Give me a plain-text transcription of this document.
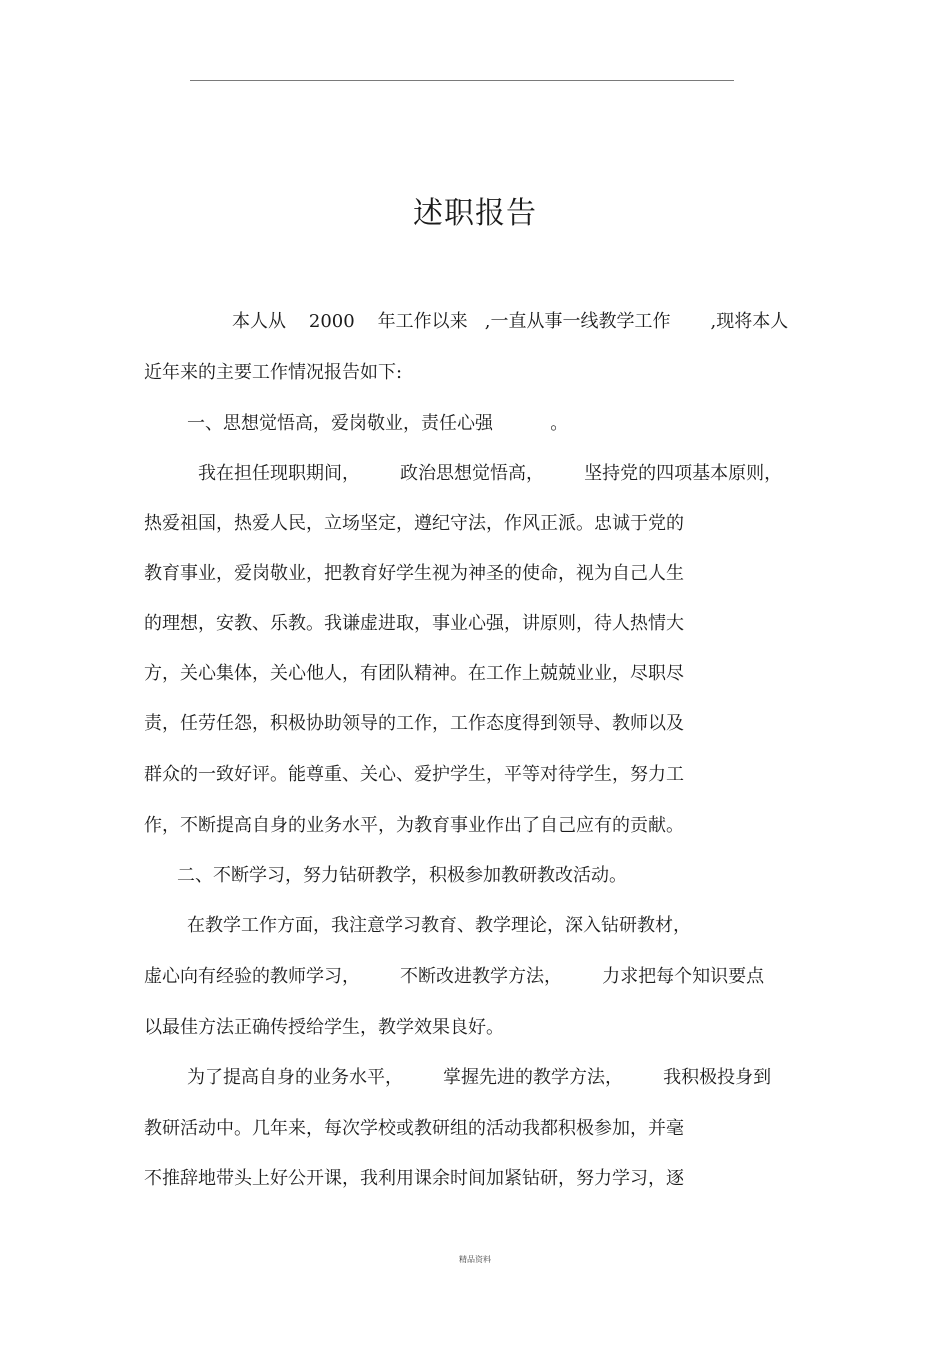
述职报告
本人从    2000    年工作以来   ,一直从事一线教学工作       ,现将本人
近年来的主要工作情况报告如下:
一、思想觉悟高，爱岗敬业，责任心强          。
我在担任现职期间，       政治思想觉悟高，       坚持党的四项基本原则，
热爱祖国，热爱人民，立场坚定，遵纪守法，作风正派。忠诚于党的
教育事业，爱岗敬业，把教育好学生视为神圣的使命，视为自己人生
的理想，安教、乐教。我谦虚进取，事业心强，讲原则，待人热情大
方，关心集体，关心他人，有团队精神。在工作上兢兢业业，尽职尽
责，任劳任怨，积极协助领导的工作，工作态度得到领导、教师以及
群众的一致好评。能尊重、关心、爱护学生，平等对待学生，努力工
作，不断提高自身的业务水平，为教育事业作出了自己应有的贡献。
二、不断学习，努力钻研教学，积极参加教研教改活动。
在教学工作方面，我注意学习教育、教学理论，深入钻研教材，
虚心向有经验的教师学习，       不断改进教学方法，       力求把每个知识要点
以最佳方法正确传授给学生，教学效果良好。
为了提高自身的业务水平，       掌握先进的教学方法，       我积极投身到
教研活动中。几年来，每次学校或教研组的活动我都积极参加，并毫
不推辞地带头上好公开课，我利用课余时间加紧钻研，努力学习，逐
精品资料
